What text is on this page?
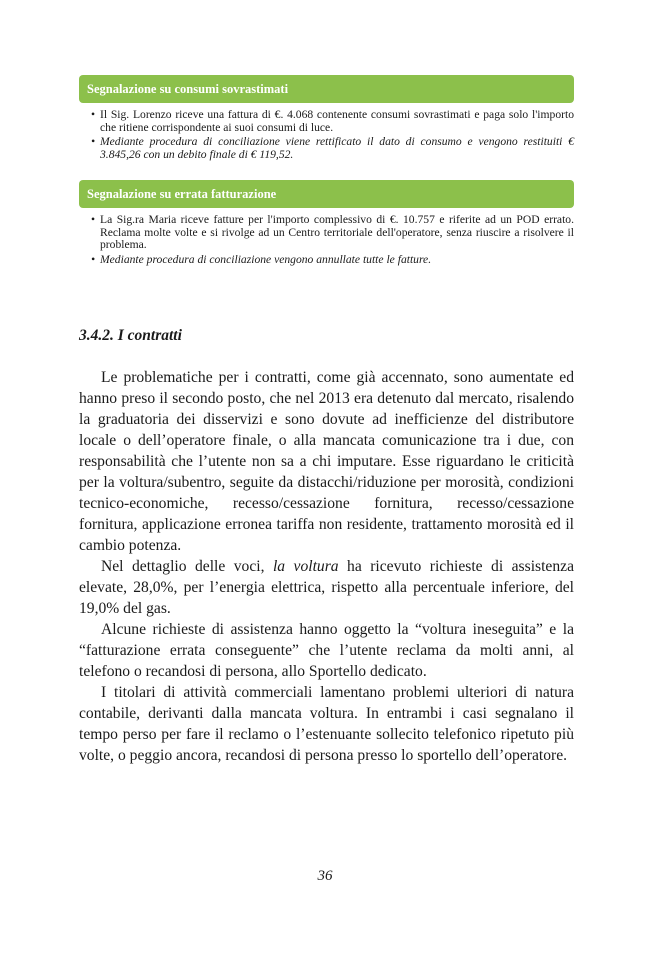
Segnalazione su consumi sovrastimati
• Il Sig. Lorenzo riceve una fattura di €. 4.068 contenente consumi sovrastimati e paga solo l'importo che ritiene corrispondente ai suoi consumi di luce.
• Mediante procedura di conciliazione viene rettificato il dato di consumo e vengono restituiti € 3.845,26 con un debito finale di € 119,52.
Segnalazione su errata fatturazione
• La Sig.ra Maria riceve fatture per l'importo complessivo di €. 10.757 e riferite ad un POD errato. Reclama molte volte e si rivolge ad un Centro territoriale dell'operatore, senza riuscire a risolvere il problema.
• Mediante procedura di conciliazione vengono annullate tutte le fatture.
3.4.2. I contratti

Le problematiche per i contratti, come già accennato, sono aumentate ed hanno preso il secondo posto, che nel 2013 era detenuto dal mercato, risalendo la graduatoria dei disservizi e sono dovute ad inefficienze del distributore locale o dell’operatore finale, o alla mancata comunicazione tra i due, con responsabilità che l’utente non sa a chi imputare. Esse riguardano le criticità per la voltura/subentro, seguite da distacchi/riduzione per morosità, condizioni tecnico-economiche, recesso/cessazione fornitura, recesso/cessazione fornitura, applicazione erronea tariffa non residente, trattamento morosità ed il cambio potenza.

Nel dettaglio delle voci, la voltura ha ricevuto richieste di assistenza elevate, 28,0%, per l’energia elettrica, rispetto alla percentuale inferiore, del 19,0% del gas.

Alcune richieste di assistenza hanno oggetto la “voltura ineseguita” e la “fatturazione errata conseguente” che l’utente reclama da molti anni, al telefono o recandosi di persona, allo Sportello dedicato.

I titolari di attività commerciali lamentano problemi ulteriori di natura contabile, derivanti dalla mancata voltura. In entrambi i casi segnalano il tempo perso per fare il reclamo o l’estenuante sollecito telefonico ripetuto più volte, o peggio ancora, recandosi di persona presso lo sportello dell’operatore.

36
